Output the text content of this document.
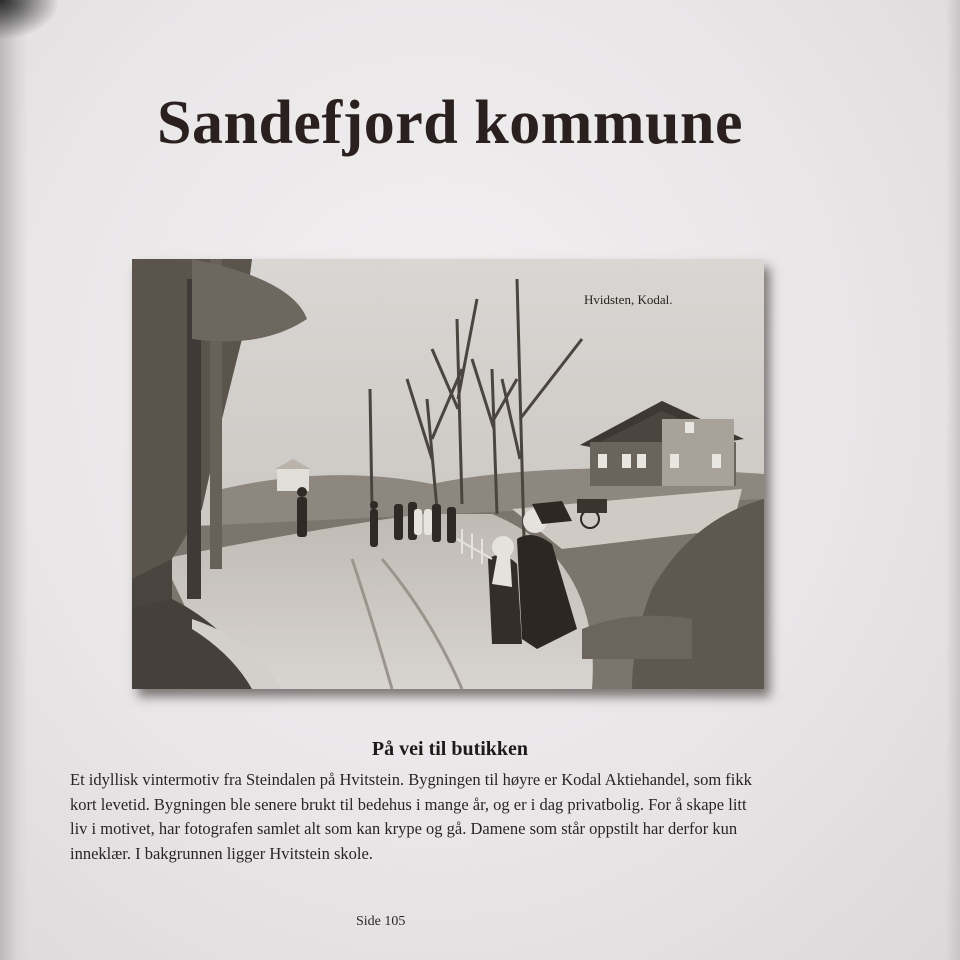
Sandefjord kommune
Hvidsten, Kodal.
På vei til butikken
Et idyllisk vintermotiv fra Steindalen på Hvitstein. Bygningen til høyre er Kodal Aktiehandel, som fikk
kort levetid. Bygningen ble senere brukt til bedehus i mange år, og er i dag privatbolig. For å skape litt
liv i motivet, har fotografen samlet alt som kan krype og gå. Damene som står oppstilt har derfor kun
inneklær. I bakgrunnen ligger Hvitstein skole.
Side 105
